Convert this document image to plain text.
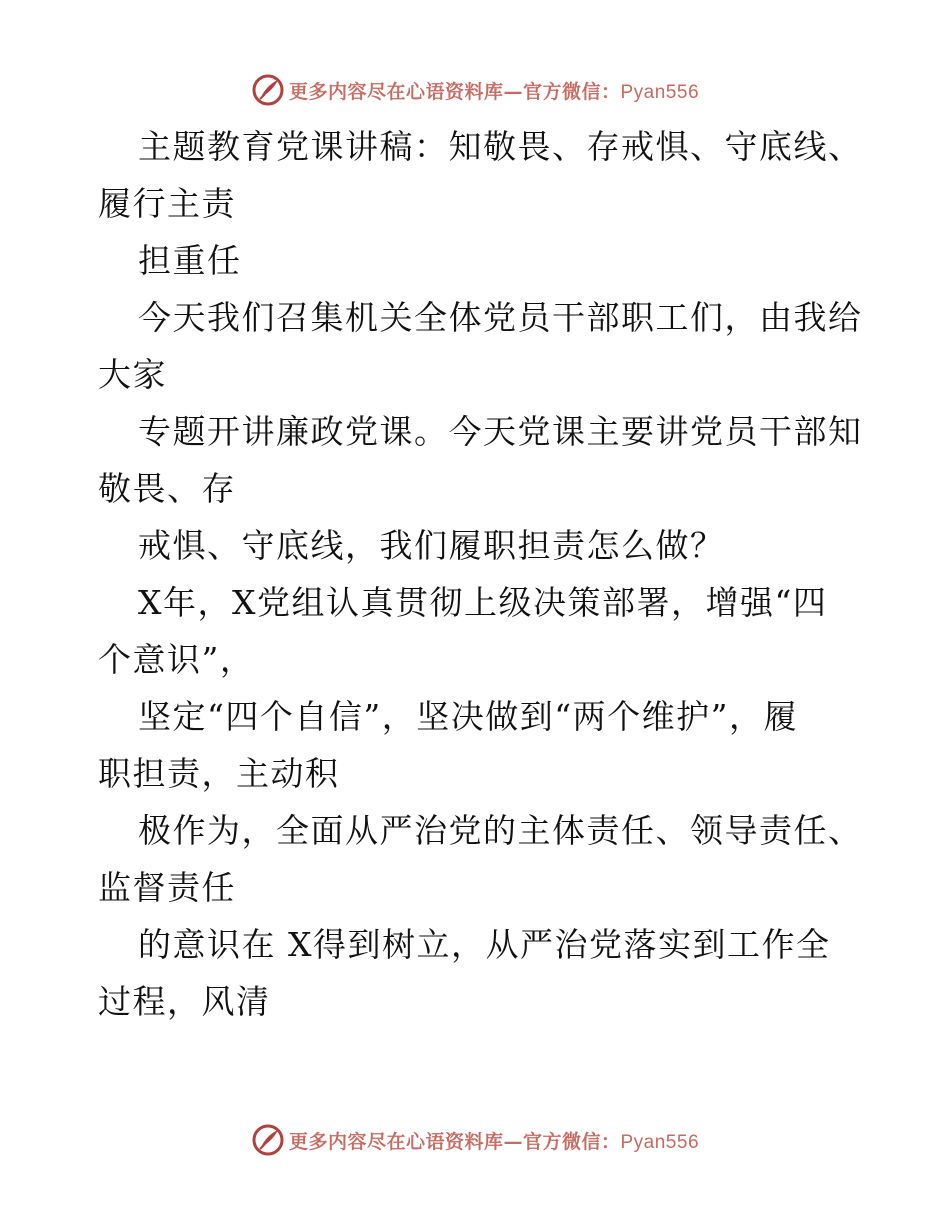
更多内容尽在心语资料库—官方微信：Pyan556
主题教育党课讲稿：知敬畏、存戒惧、守底线、
履行主责
担重任
今天我们召集机关全体党员干部职工们，由我给
大家
专题开讲廉政党课。今天党课主要讲党员干部知
敬畏、存
戒惧、守底线，我们履职担责怎么做？
X年，X党组认真贯彻上级决策部署，增强“四
个意识”，
坚定“四个自信”，坚决做到“两个维护”，履
职担责，主动积
极作为，全面从严治党的主体责任、领导责任、
监督责任
的意识在 X得到树立，从严治党落实到工作全
过程，风清
更多内容尽在心语资料库—官方微信：Pyan556
